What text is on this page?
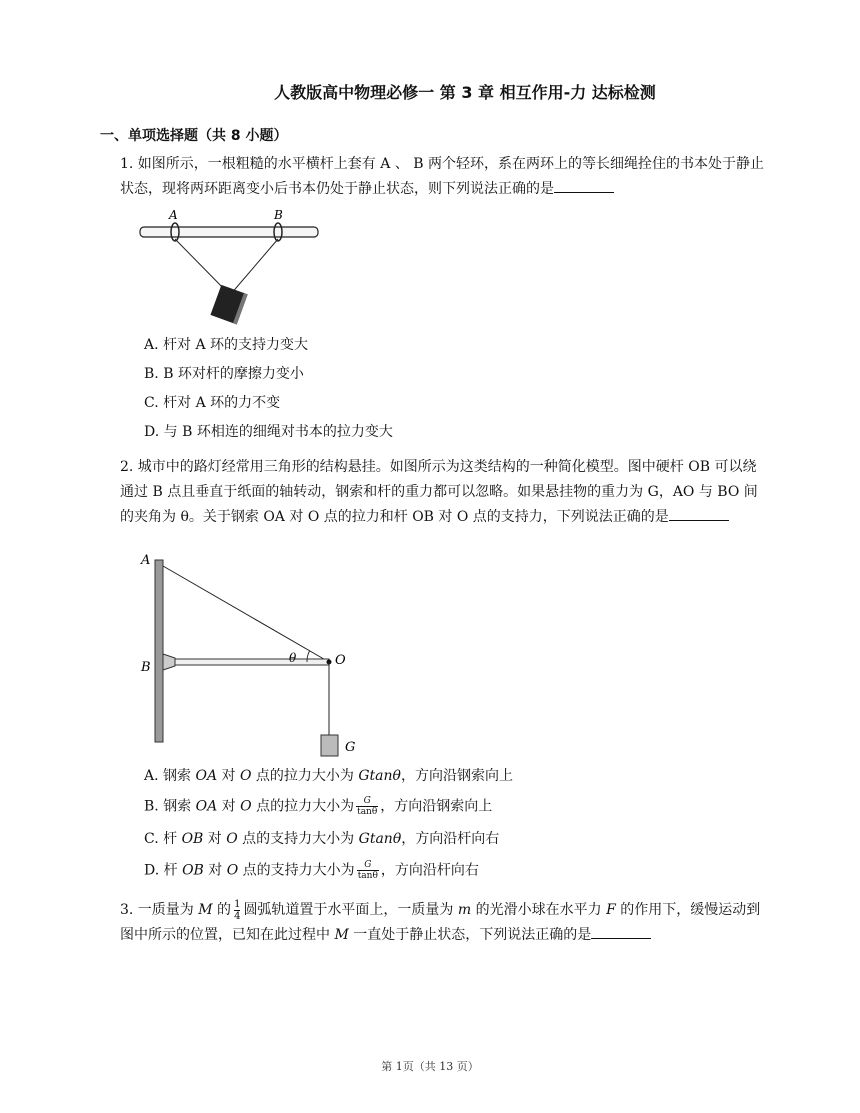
人教版高中物理必修一 第 3 章 相互作用-力 达标检测
一、单项选择题（共 8 小题）
1. 如图所示，一根粗糙的水平横杆上套有 A 、 B 两个轻环，系在两环上的等长细绳拴住的书本处于静止状态，现将两环距离变小后书本仍处于静止状态，则下列说法正确的是
A	B
A. 杆对 A 环的支持力变大
B. B 环对杆的摩擦力变小
C. 杆对 A 环的力不变
D. 与 B 环相连的细绳对书本的拉力变大
2. 城市中的路灯经常用三角形的结构悬挂。如图所示为这类结构的一种简化模型。图中硬杆 OB 可以绕通过 B 点且垂直于纸面的轴转动，钢索和杆的重力都可以忽略。如果悬挂物的重力为 G，AO 与 BO 间的夹角为 θ。关于钢索 OA 对 O 点的拉力和杆 OB 对 O 点的支持力，下列说法正确的是
A
B
θ	O
G
A. 钢索 OA 对 O 点的拉力大小为 Gtanθ，方向沿钢索向上
B. 钢索 OA 对 O 点的拉力大小为 $\frac{G}{\tan\theta}$ ，方向沿钢索向上
C. 杆 OB 对 O 点的支持力大小为 Gtanθ，方向沿杆向右
D. 杆 OB 对 O 点的支持力大小为 $\frac{G}{\tan\theta}$ ，方向沿杆向右
3. 一质量为 M 的 $\frac{1}{4}$ 圆弧轨道置于水平面上，一质量为 m 的光滑小球在水平力 F 的作用下，缓慢运动到图中所示的位置，已知在此过程中 M 一直处于静止状态，下列说法正确的是
第 1页（共 13 页）
